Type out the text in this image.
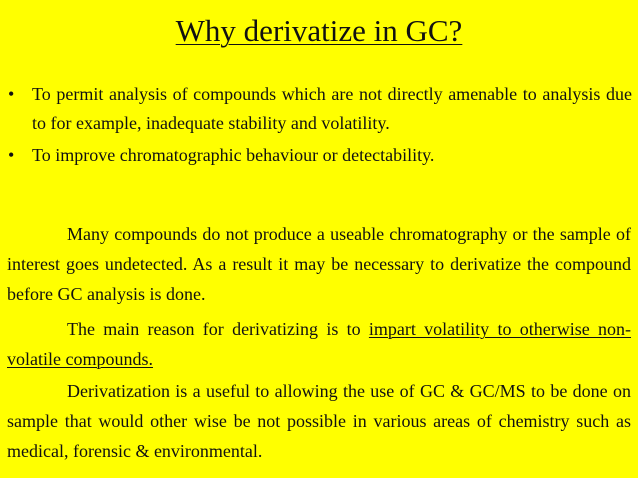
Why derivatize in GC?
• To permit analysis of compounds which are not directly amenable to analysis due to for example, inadequate stability and volatility.
• To improve chromatographic behaviour or detectability.

Many compounds do not produce a useable chromatography or the sample of interest goes undetected. As a result it may be necessary to derivatize the compound before GC analysis is done.

The main reason for derivatizing is to impart volatility to otherwise non-volatile compounds.

Derivatization is a useful to allowing the use of GC & GC/MS to be done on sample that would other wise be not possible in various areas of chemistry such as medical, forensic & environmental.
